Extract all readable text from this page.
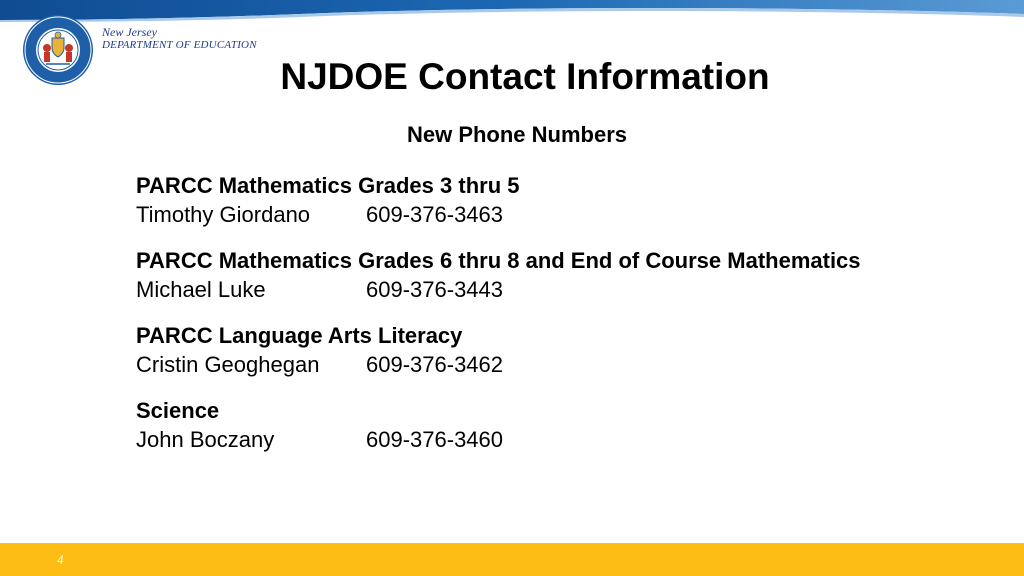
New Jersey
DEPARTMENT OF EDUCATION
NJDOE Contact Information
New Phone Numbers
PARCC Mathematics Grades 3 thru 5
Timothy Giordano	609-376-3463
PARCC Mathematics Grades 6 thru 8 and End of Course Mathematics
Michael Luke	609-376-3443
PARCC Language Arts Literacy
Cristin Geoghegan 609-376-3462
Science
John Boczany	609-376-3460
4
